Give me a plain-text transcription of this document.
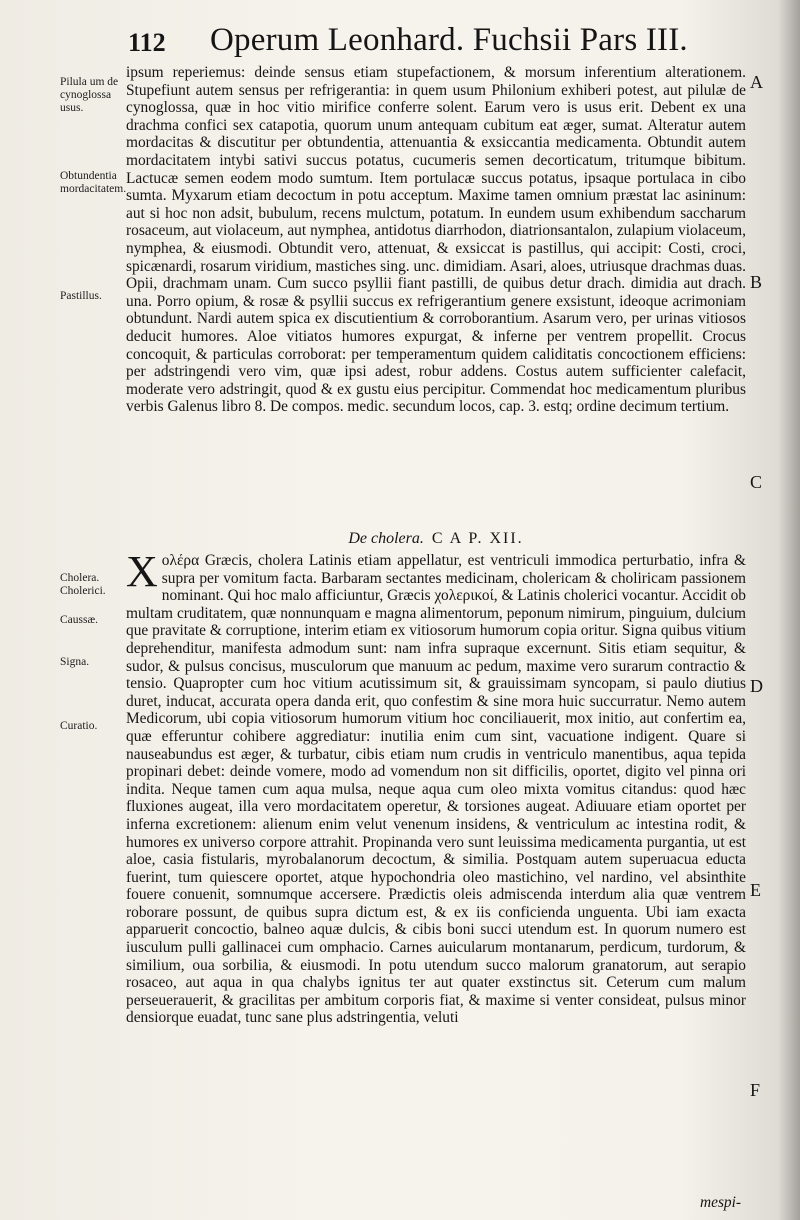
112 Operum Leonhard. Fuchsii Pars III.
Pilula um de cynoglossa usus.
Obtundentia mordacitatem.
Pastillus.
Cholera. Cholerici.
Caussæ.
Signa.
Curatio.
A
B
C
D
E
F

ipsum reperiemus: deinde sensus etiam stupefactionem, & morsum inferentium alterationem. Stupefiunt autem sensus per refrigerantia: in quem usum Philonium exhiberi potest, aut pilulæ de cynoglossa, quæ in hoc vitio mirifice conferre solent. Earum vero is usus erit. Debent ex una drachma confici sex catapotia, quorum unum antequam cubitum eat æger, sumat. Alteratur autem mordacitas & discutitur per obtundentia, attenuantia & exsiccantia medicamenta. Obtundit autem mordacitatem intybi sativi succus potatus, cucumeris semen decorticatum, tritumque bibitum. Lactucæ semen eodem modo sumtum. Item portulacæ succus potatus, ipsaque portulaca in cibo sumta. Myxarum etiam decoctum in potu acceptum. Maxime tamen omnium præstat lac asininum: aut si hoc non adsit, bubulum, recens mulctum, potatum. In eundem usum exhibendum saccharum rosaceum, aut violaceum, aut nymphea, antidotus diarrhodon, diatrionsantalon, zulapium violaceum, nymphea, & eiusmodi. Obtundit vero, attenuat, & exsiccat is pastillus, qui accipit: Costi, croci, spicænardi, rosarum viridium, mastiches sing. unc. dimidiam. Asari, aloes, utriusque drachmas duas. Opii, drachmam unam. Cum succo psyllii fiant pastilli, de quibus detur drach. dimidia aut drach. una. Porro opium, & rosæ & psyllii succus ex refrigerantium genere exsistunt, ideoque acrimoniam obtundunt. Nardi autem spica ex discutientium & corroborantium. Asarum vero, per urinas vitiosos deducit humores. Aloe vitiatos humores expurgat, & inferne per ventrem propellit. Crocus concoquit, & particulas corroborat: per temperamentum quidem caliditatis concoctionem efficiens: per adstringendi vero vim, quæ ipsi adest, robur addens. Costus autem sufficienter calefacit, moderate vero adstringit, quod & ex gustu eius percipitur. Commendat hoc medicamentum pluribus verbis Galenus libro 8. De compos. medic. secundum locos, cap. 3. estq; ordine decimum tertium.

De cholera. C A P. XII.
X ολέρα Græcis, cholera Latinis etiam appellatur, est ventriculi immodica perturbatio, infra & supra per vomitum facta. Barbaram sectantes medicinam, cholericam & choliricam passionem nominant. Qui hoc malo afficiuntur, Græcis χολερικοί, & Latinis cholerici vocantur. Accidit ob multam cruditatem, quæ nonnunquam e magna alimentorum, peponum nimirum, pinguium, dulcium que pravitate & corruptione, interim etiam ex vitiosorum humorum copia oritur. Signa quibus vitium deprehenditur, manifesta admodum sunt: nam infra supraque excernunt. Sitis etiam sequitur, & sudor, & pulsus concisus, musculorum que manuum ac pedum, maxime vero surarum contractio & tensio. Quapropter cum hoc vitium acutissimum sit, & grauissimam syncopam, si paulo diutius duret, inducat, accurata opera danda erit, quo confestim & sine mora huic succurratur. Nemo autem Medicorum, ubi copia vitiosorum humorum vitium hoc conciliauerit, mox initio, aut confertim ea, quæ efferuntur cohibere aggrediatur: inutilia enim cum sint, vacuatione indigent. Quare si nauseabundus est æger, & turbatur, cibis etiam num crudis in ventriculo manentibus, aqua tepida propinari debet: deinde vomere, modo ad vomendum non sit difficilis, oportet, digito vel pinna ori indita. Neque tamen cum aqua mulsa, neque aqua cum oleo mixta vomitus citandus: quod hæc fluxiones augeat, illa vero mordacitatem operetur, & torsiones augeat. Adiuuare etiam oportet per inferna excretionem: alienum enim velut venenum insidens, & ventriculum ac intestina rodit, & humores ex universo corpore attrahit. Propinanda vero sunt leuissima medicamenta purgantia, ut est aloe, casia fistularis, myrobalanorum decoctum, & similia. Postquam autem superuacua educta fuerint, tum quiescere oportet, atque hypochondria oleo mastichino, vel nardino, vel absinthite fouere conuenit, somnumque accersere. Prædictis oleis admiscenda interdum alia quæ ventrem roborare possunt, de quibus supra dictum est, & ex iis conficienda unguenta. Ubi iam exacta apparuerit concoctio, balneo aquæ dulcis, & cibis boni succi utendum est. In quorum numero est iusculum pulli gallinacei cum omphacio. Carnes auicularum montanarum, perdicum, turdorum, & similium, oua sorbilia, & eiusmodi. In potu utendum succo malorum granatorum, aut serapio rosaceo, aut aqua in qua chalybs ignitus ter aut quater exstinctus sit. Ceterum cum malum perseuerauerit, & gracilitas per ambitum corporis fiat, & maxime si venter consideat, pulsus minor densiorque euadat, tunc sane plus adstringentia, veluti

mespi-
